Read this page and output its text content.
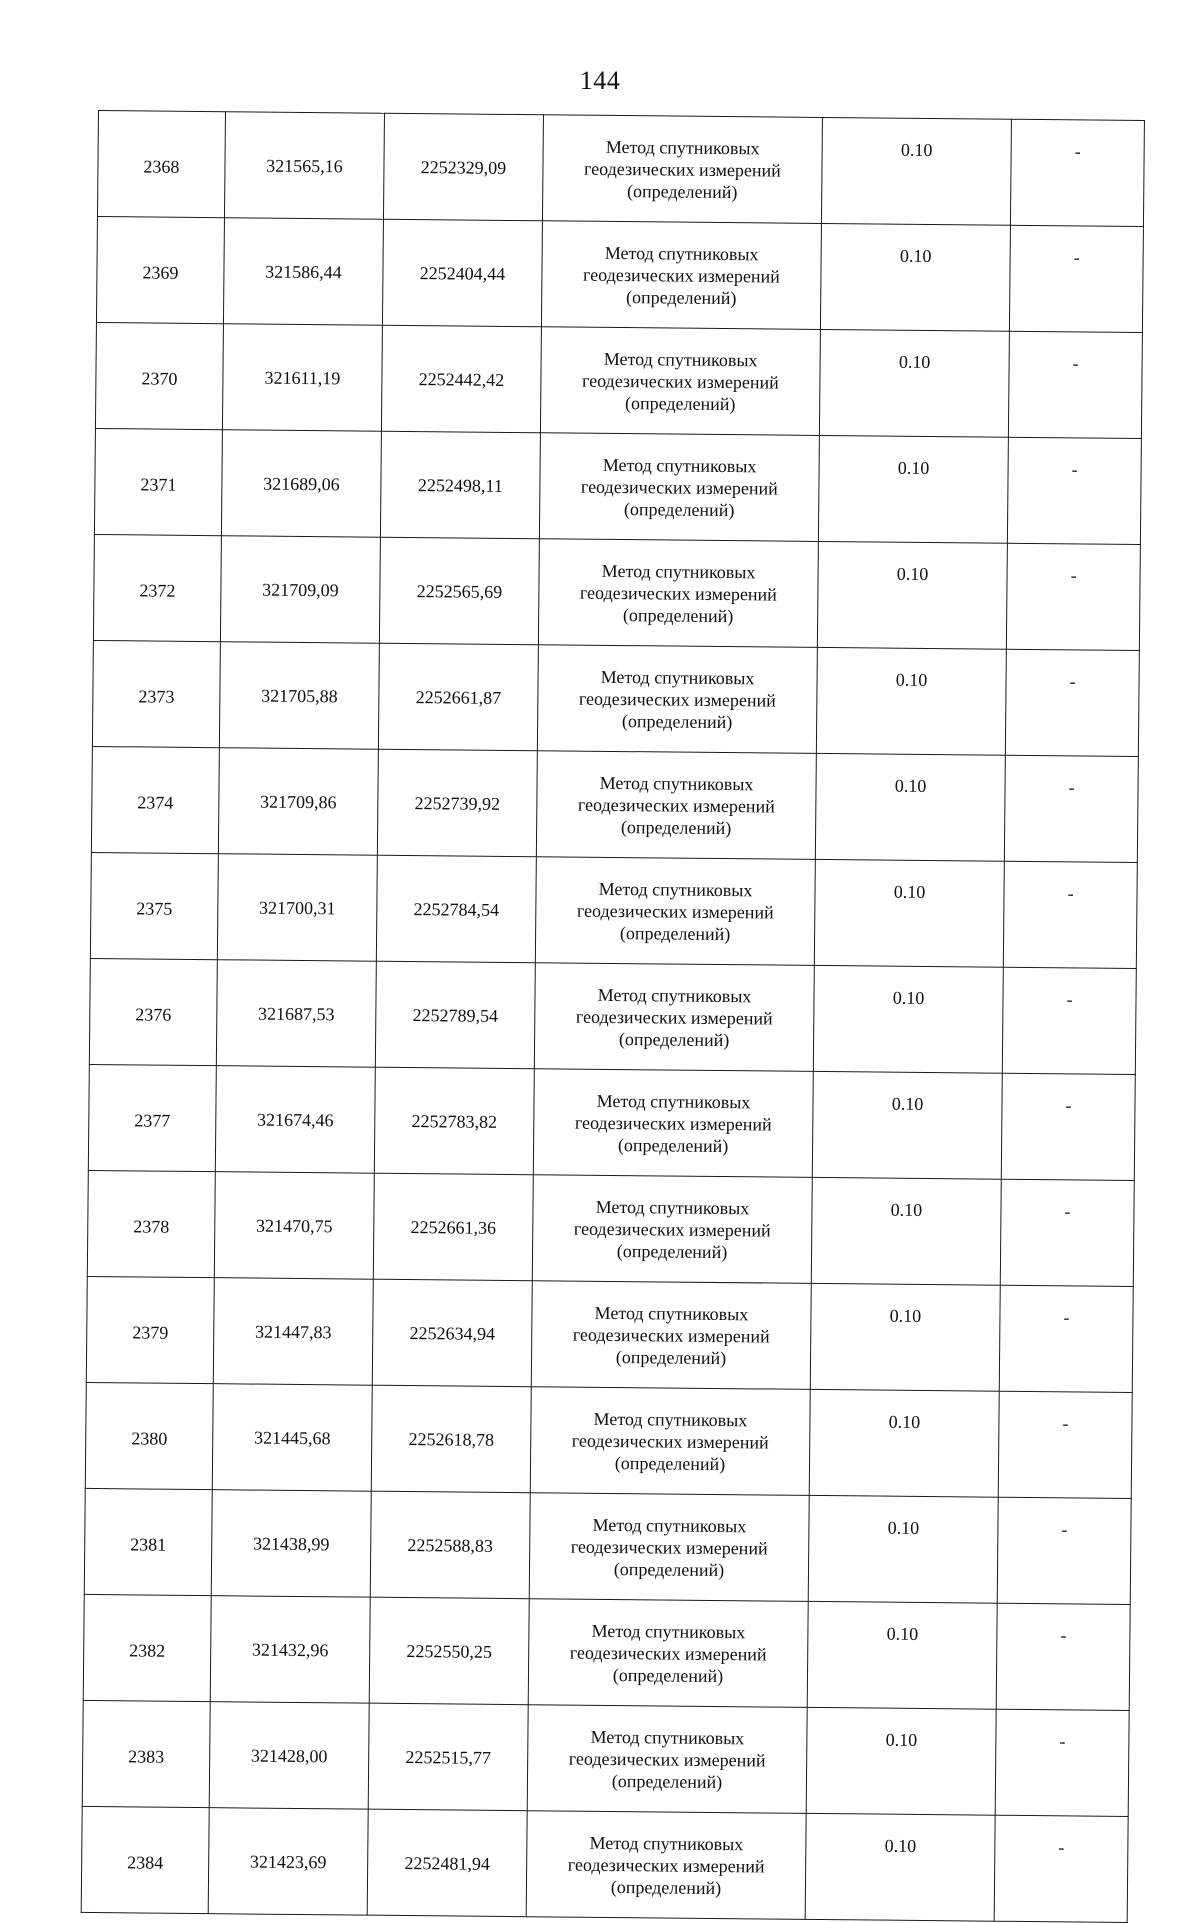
144
2368	321565,16	2252329,09	Метод спутниковых
геодезических измерений
(определений)	0.10	-
2369	321586,44	2252404,44	Метод спутниковых
геодезических измерений
(определений)	0.10	-
2370	321611,19	2252442,42	Метод спутниковых
геодезических измерений
(определений)	0.10	-
2371	321689,06	2252498,11	Метод спутниковых
геодезических измерений
(определений)	0.10	-
2372	321709,09	2252565,69	Метод спутниковых
геодезических измерений
(определений)	0.10	-
2373	321705,88	2252661,87	Метод спутниковых
геодезических измерений
(определений)	0.10	-
2374	321709,86	2252739,92	Метод спутниковых
геодезических измерений
(определений)	0.10	-
2375	321700,31	2252784,54	Метод спутниковых
геодезических измерений
(определений)	0.10	-
2376	321687,53	2252789,54	Метод спутниковых
геодезических измерений
(определений)	0.10	-
2377	321674,46	2252783,82	Метод спутниковых
геодезических измерений
(определений)	0.10	-
2378	321470,75	2252661,36	Метод спутниковых
геодезических измерений
(определений)	0.10	-
2379	321447,83	2252634,94	Метод спутниковых
геодезических измерений
(определений)	0.10	-
2380	321445,68	2252618,78	Метод спутниковых
геодезических измерений
(определений)	0.10	-
2381	321438,99	2252588,83	Метод спутниковых
геодезических измерений
(определений)	0.10	-
2382	321432,96	2252550,25	Метод спутниковых
геодезических измерений
(определений)	0.10	-
2383	321428,00	2252515,77	Метод спутниковых
геодезических измерений
(определений)	0.10	-
2384	321423,69	2252481,94	Метод спутниковых
геодезических измерений
(определений)	0.10	-
